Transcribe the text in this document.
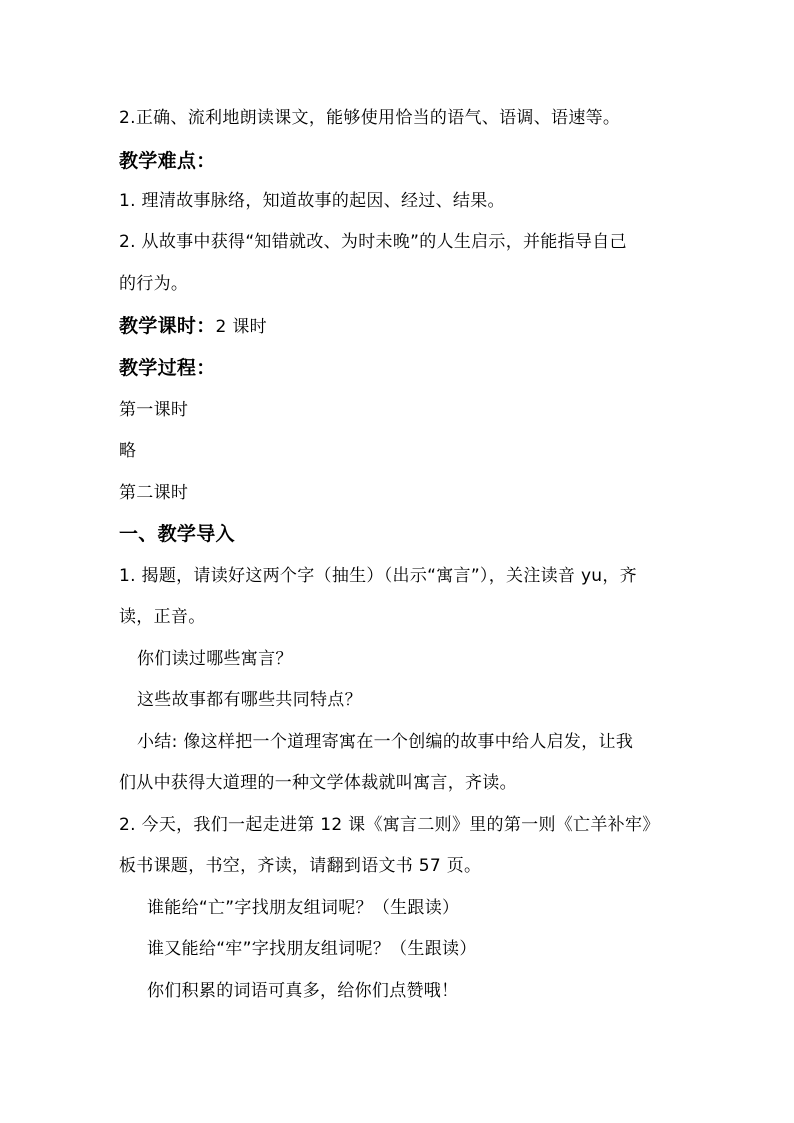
2.正确、流利地朗读课文，能够使用恰当的语气、语调、语速等。
教学难点：
1. 理清故事脉络，知道故事的起因、经过、结果。
2. 从故事中获得“知错就改、为时未晚”的人生启示，并能指导自己
的行为。
教学课时：2 课时
教学过程：
第一课时
略
第二课时
一、教学导入
1. 揭题，请读好这两个字（抽生）（出示“寓言”），关注读音 yu，齐
读，正音。
你们读过哪些寓言？
这些故事都有哪些共同特点？
小结: 像这样把一个道理寄寓在一个创编的故事中给人启发，让我
们从中获得大道理的一种文学体裁就叫寓言，齐读。
2. 今天，我们一起走进第 12 课《寓言二则》里的第一则《亡羊补牢》
板书课题，书空，齐读，请翻到语文书 57 页。
谁能给“亡”字找朋友组词呢？（生跟读）
谁又能给“牢”字找朋友组词呢？（生跟读）
你们积累的词语可真多，给你们点赞哦！
